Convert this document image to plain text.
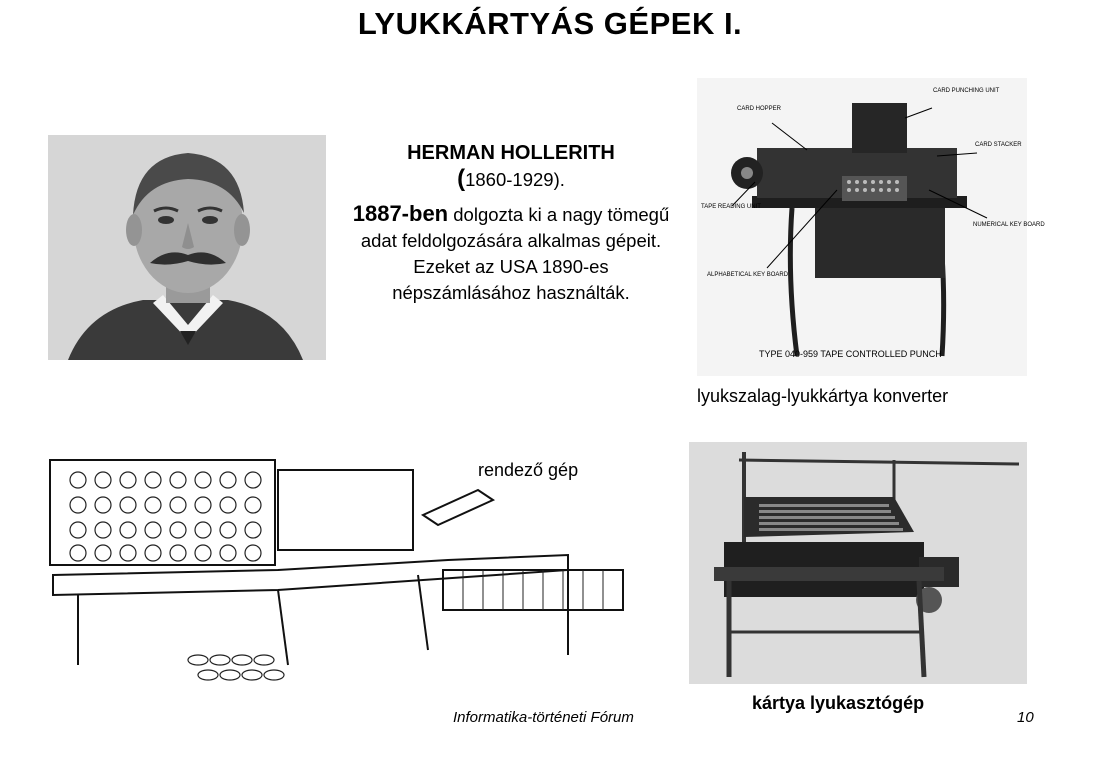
LYUKKÁRTYÁS GÉPEK I.
HERMAN HOLLERITH
(1860-1929).
1887-ben dolgozta ki a nagy tömegű adat feldolgozására alkalmas gépeit. Ezeket az USA 1890-es népszámlásához használták.
CARD PUNCHING UNIT
CARD HOPPER
CARD STACKER
TAPE READING UNIT
NUMERICAL KEY BOARD
ALPHABETICAL KEY BOARD
TYPE 040-959 TAPE CONTROLLED PUNCH
lyukszalag-lyukkártya konverter
rendező gép
kártya lyukasztógép
Informatika-történeti Fórum	10
